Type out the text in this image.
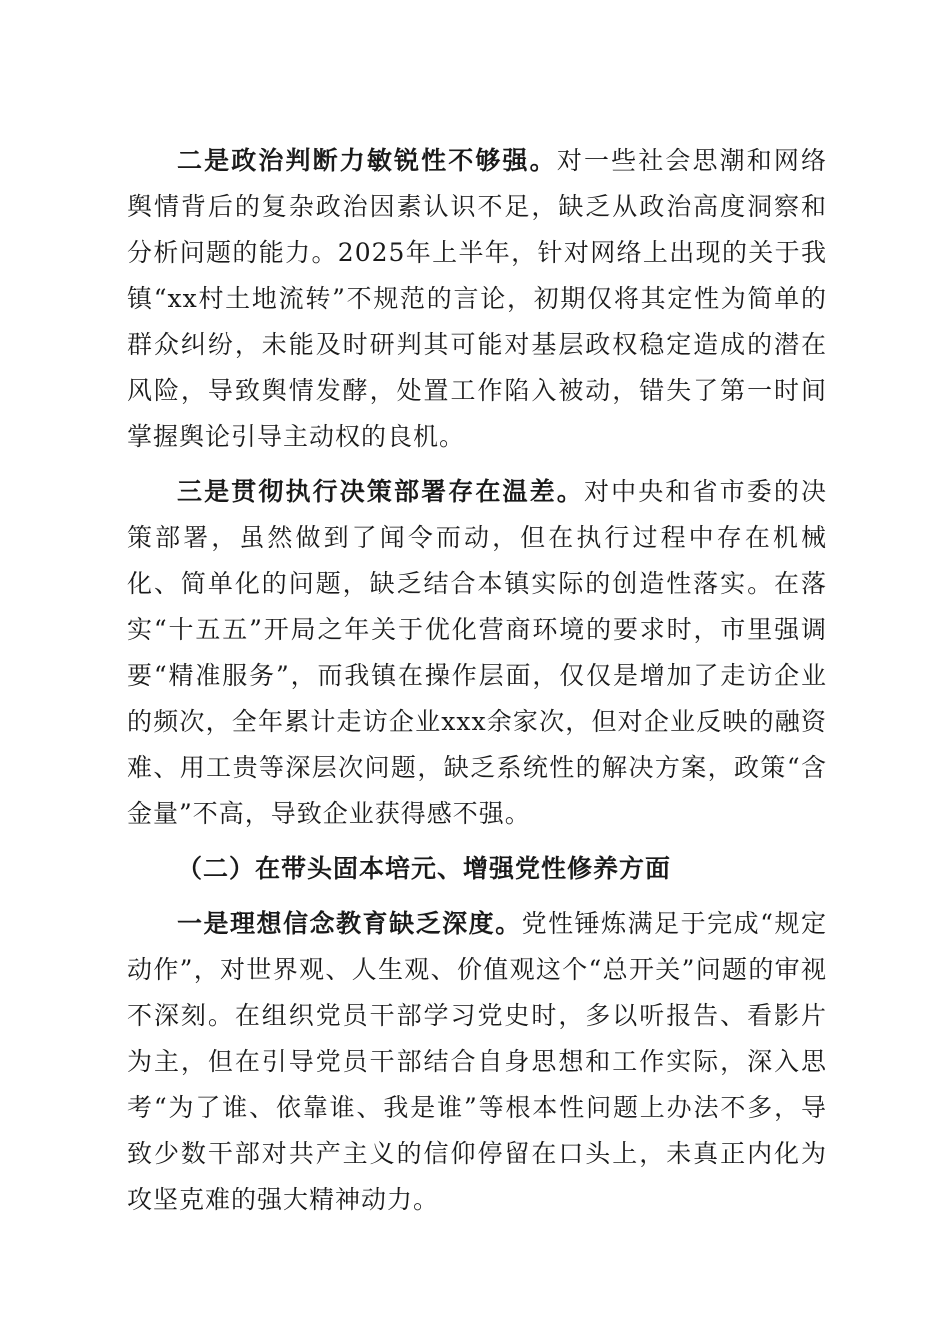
二是政治判断力敏锐性不够强。对一些社会思潮和网络舆情背后的复杂政治因素认识不足，缺乏从政治高度洞察和分析问题的能力。2025年上半年，针对网络上出现的关于我镇“xx村土地流转”不规范的言论，初期仅将其定性为简单的群众纠纷，未能及时研判其可能对基层政权稳定造成的潜在风险，导致舆情发酵，处置工作陷入被动，错失了第一时间掌握舆论引导主动权的良机。

三是贯彻执行决策部署存在温差。对中央和省市委的决策部署，虽然做到了闻令而动，但在执行过程中存在机械化、简单化的问题，缺乏结合本镇实际的创造性落实。在落实“十五五”开局之年关于优化营商环境的要求时，市里强调要“精准服务”，而我镇在操作层面，仅仅是增加了走访企业的频次，全年累计走访企业xxx余家次，但对企业反映的融资难、用工贵等深层次问题，缺乏系统性的解决方案，政策“含金量”不高，导致企业获得感不强。

（二）在带头固本培元、增强党性修养方面

一是理想信念教育缺乏深度。党性锤炼满足于完成“规定动作”，对世界观、人生观、价值观这个“总开关”问题的审视不深刻。在组织党员干部学习党史时，多以听报告、看影片为主，但在引导党员干部结合自身思想和工作实际，深入思考“为了谁、依靠谁、我是谁”等根本性问题上办法不多，导致少数干部对共产主义的信仰停留在口头上，未真正内化为攻坚克难的强大精神动力。
